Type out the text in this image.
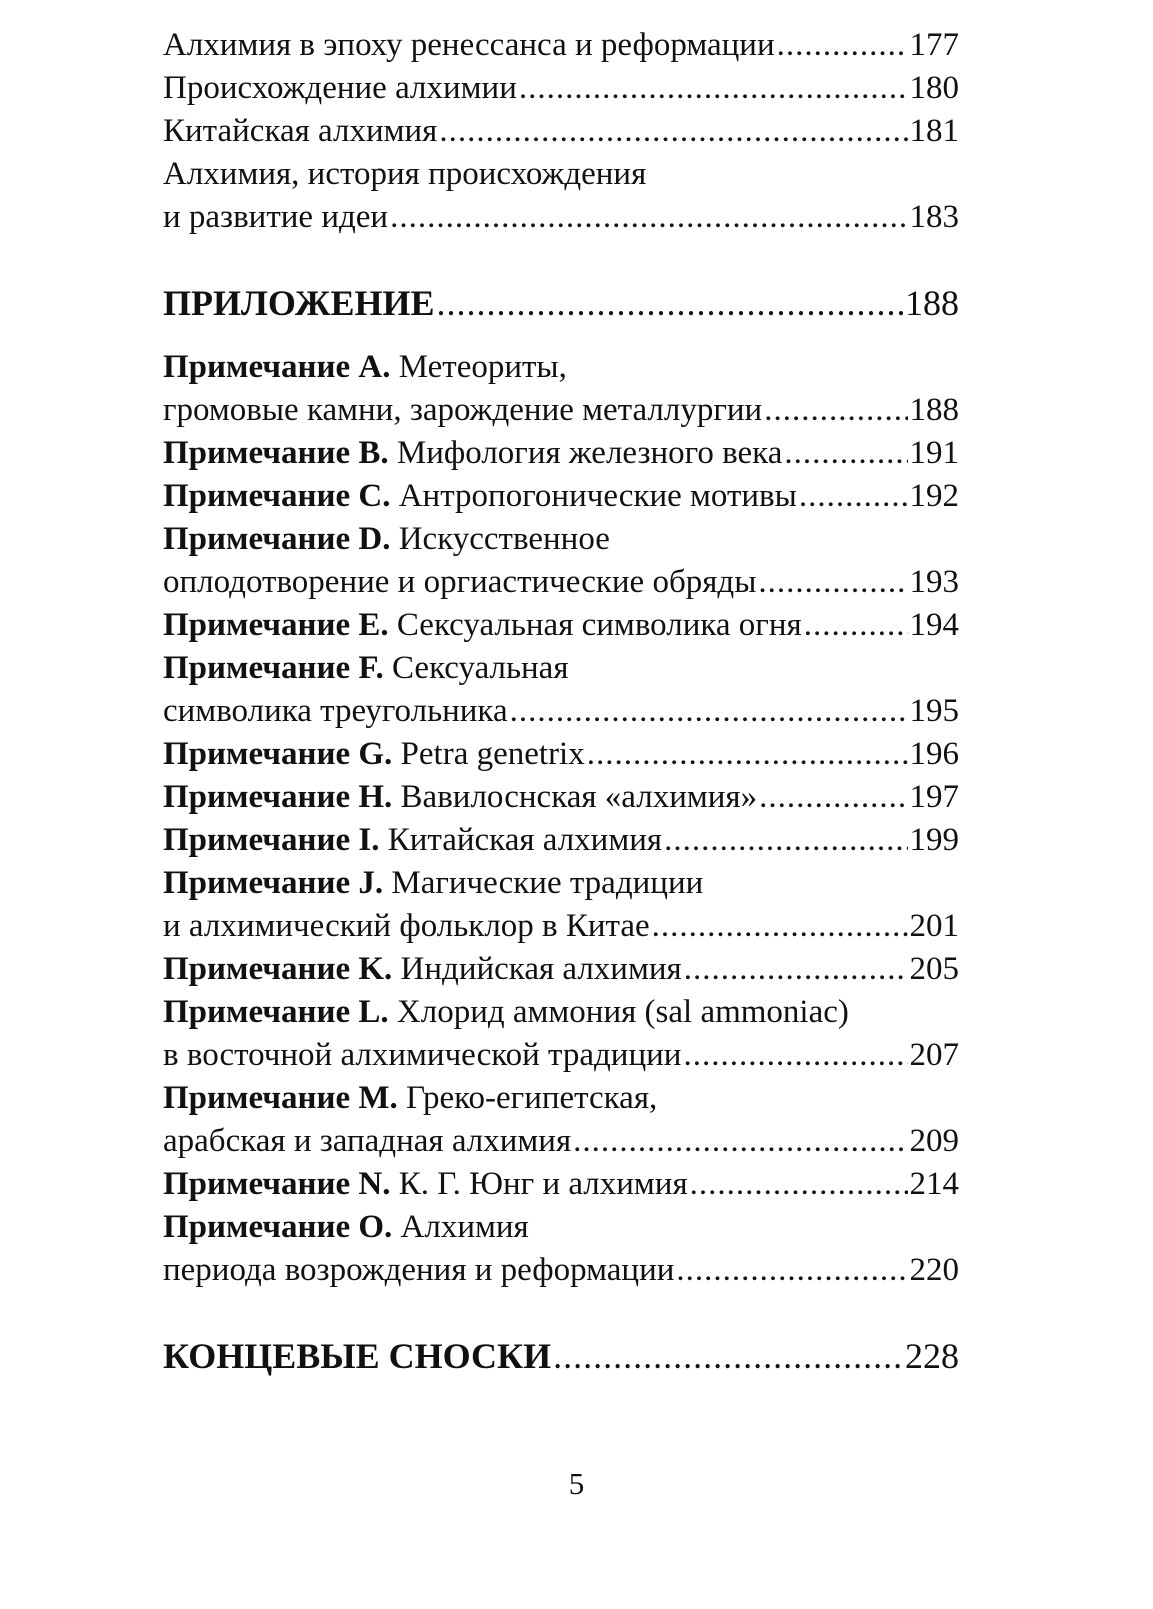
Алхимия в эпоху ренессанса и реформации .....	177
Происхождение алхимии .....	180
Китайская алхимия .....	181
Алхимия, история происхождения
и развитие идеи .....	183
ПРИЛОЖЕНИЕ .....	188
Примечание A. Метеориты,
громовые камни, зарождение металлургии .....	188
Примечание B. Мифология железного века .....	191
Примечание C. Антропогонические мотивы .....	192
Примечание D. Искусственное
оплодотворение и оргиастические обряды .....	193
Примечание E. Сексуальная символика огня .....	194
Примечание F. Сексуальная
символика треугольника .....	195
Примечание G. Petra genetrix .....	196
Примечание H. Вавилоснская «алхимия» .....	197
Примечание I. Китайская алхимия .....	199
Примечание J. Магические традиции
и алхимический фольклор в Китае .....	201
Примечание K. Индийская алхимия .....	205
Примечание L. Хлорид аммония (sal ammoniac)
в восточной алхимической традиции .....	207
Примечание M. Греко-египетская,
арабская и западная алхимия .....	209
Примечание N. К. Г. Юнг и алхимия .....	214
Примечание O. Алхимия
периода возрождения и реформации .....	220
КОНЦЕВЫЕ СНОСКИ .....	228
5
